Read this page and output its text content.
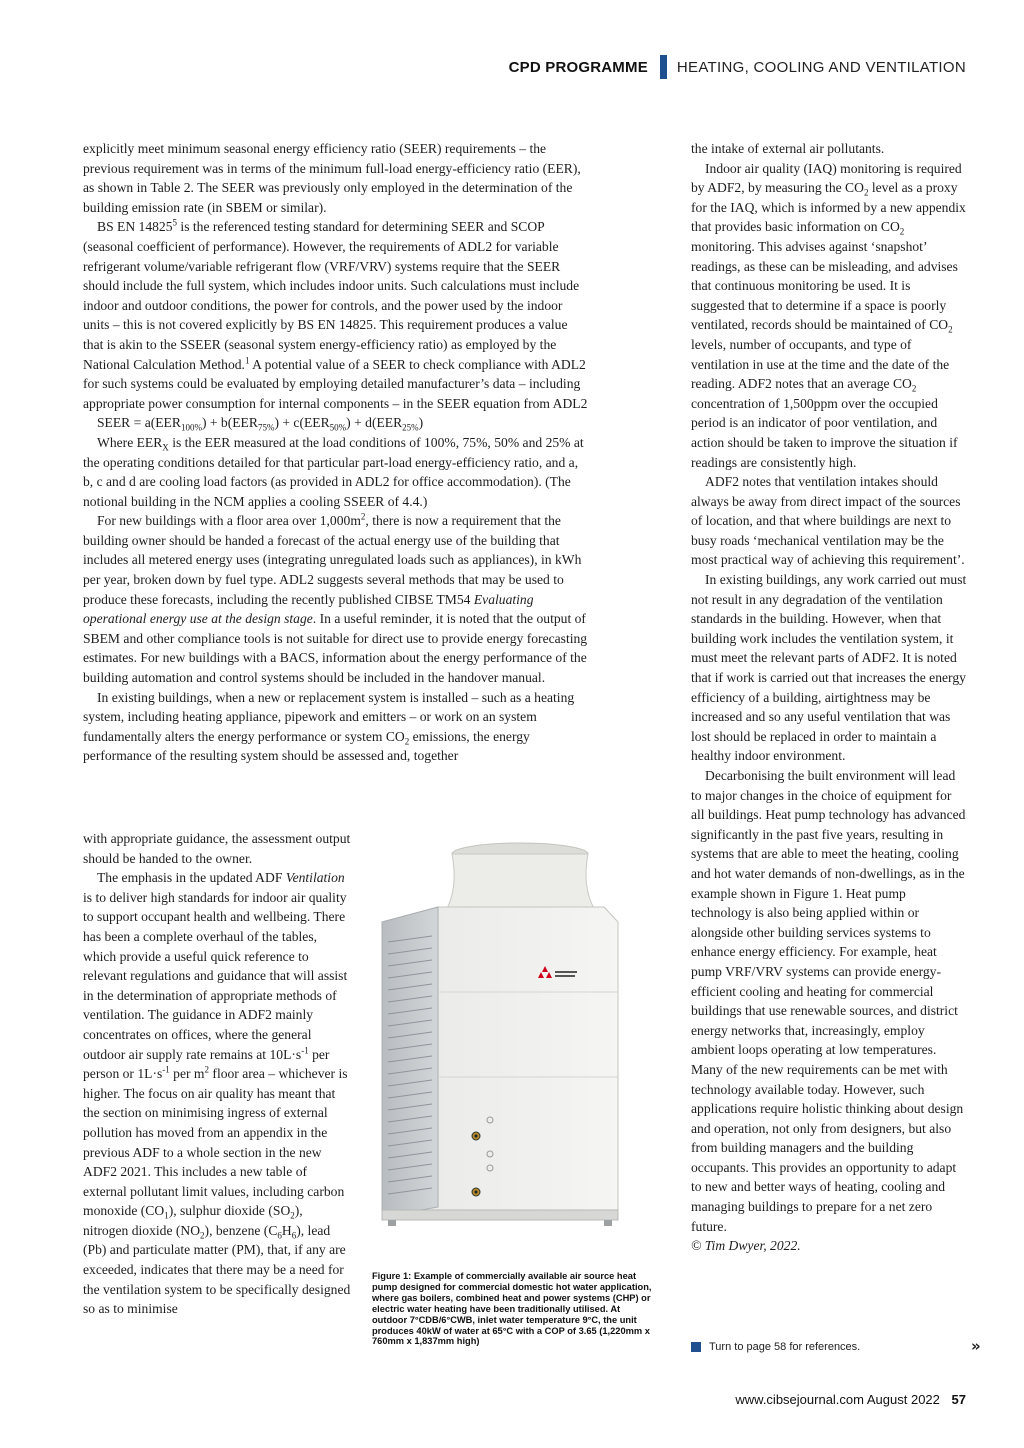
CPD PROGRAMME HEATING, COOLING AND VENTILATION

explicitly meet minimum seasonal energy efficiency ratio (SEER) requirements – the previous requirement was in terms of the minimum full-load energy-efficiency ratio (EER), as shown in Table 2. The SEER was previously only employed in the determination of the building emission rate (in SBEM or similar).

BS EN 14825$^5$ is the referenced testing standard for determining SEER and SCOP (seasonal coefficient of performance). However, the requirements of ADL2 for variable refrigerant volume/variable refrigerant flow (VRF/VRV) systems require that the SEER should include the full system, which includes indoor units. Such calculations must include indoor and outdoor conditions, the power for controls, and the power used by the indoor units – this is not covered explicitly by BS EN 14825. This requirement produces a value that is akin to the SSEER (seasonal system energy-efficiency ratio) as employed by the National Calculation Method.$^1$ A potential value of a SEER to check compliance with ADL2 for such systems could be evaluated by employing detailed manufacturer’s data – including appropriate power consumption for internal components – in the SEER equation from ADL2

SEER = $a(EER_{100\%}) + b(EER_{75\%}) + c(EER_{50\%}) + d(EER_{25\%})$

Where $EER_X$ is the EER measured at the load conditions of 100%, 75%, 50% and 25% at the operating conditions detailed for that particular part-load energy-efficiency ratio, and a, b, c and d are cooling load factors (as provided in ADL2 for office accommodation). (The notional building in the NCM applies a cooling SSEER of 4.4.)

For new buildings with a floor area over $1,000m^2$, there is now a requirement that the building owner should be handed a forecast of the actual energy use of the building that includes all metered energy uses (integrating unregulated loads such as appliances), in kWh per year, broken down by fuel type. ADL2 suggests several methods that may be used to produce these forecasts, including the recently published CIBSE TM54 Evaluating operational energy use at the design stage. In a useful reminder, it is noted that the output of SBEM and other compliance tools is not suitable for direct use to provide energy forecasting estimates. For new buildings with a BACS, information about the energy performance of the building automation and control systems should be included in the handover manual.

In existing buildings, when a new or replacement system is installed – such as a heating system, including heating appliance, pipework and emitters – or work on an system fundamentally alters the energy performance or system $CO_2$ emissions, the energy performance of the resulting system should be assessed and, together

with appropriate guidance, the assessment output should be handed to the owner.

The emphasis in the updated ADF Ventilation is to deliver high standards for indoor air quality to support occupant health and wellbeing. There has been a complete overhaul of the tables, which provide a useful quick reference to relevant regulations and guidance that will assist in the determination of appropriate methods of ventilation. The guidance in ADF2 mainly concentrates on offices, where the general outdoor air supply rate remains at $10L\cdot s^{-1}$ per person or $1L\cdot s^{-1}$ per $m^2$ floor area – whichever is higher. The focus on air quality has meant that the section on minimising ingress of external pollution has moved from an appendix in the previous ADF to a whole section in the new ADF2 2021. This includes a new table of external pollutant limit values, including carbon monoxide $(CO_1)$, sulphur dioxide $(SO_2)$, nitrogen dioxide $(NO_2)$, benzene $(C_6H_6)$, lead (Pb) and particulate matter (PM), that, if any are exceeded, indicates that there may be a need for the ventilation system to be specifically designed so as to minimise

the intake of external air pollutants.

Indoor air quality (IAQ) monitoring is required by ADF2, by measuring the $CO_2$ level as a proxy for the IAQ, which is informed by a new appendix that provides basic information on $CO_2$ monitoring. This advises against ‘snapshot’ readings, as these can be misleading, and advises that continuous monitoring be used. It is suggested that to determine if a space is poorly ventilated, records should be maintained of $CO_2$ levels, number of occupants, and type of ventilation in use at the time and the date of the reading. ADF2 notes that an average $CO_2$ concentration of 1,500ppm over the occupied period is an indicator of poor ventilation, and action should be taken to improve the situation if readings are consistently high.

ADF2 notes that ventilation intakes should always be away from direct impact of the sources of location, and that where buildings are next to busy roads ‘mechanical ventilation may be the most practical way of achieving this requirement’.

In existing buildings, any work carried out must not result in any degradation of the ventilation standards in the building. However, when that building work includes the ventilation system, it must meet the relevant parts of ADF2. It is noted that if work is carried out that increases the energy efficiency of a building, airtightness may be increased and so any useful ventilation that was lost should be replaced in order to maintain a healthy indoor environment.

Decarbonising the built environment will lead to major changes in the choice of equipment for all buildings. Heat pump technology has advanced significantly in the past five years, resulting in systems that are able to meet the heating, cooling and hot water demands of non-dwellings, as in the example shown in Figure 1. Heat pump technology is also being applied within or alongside other building services systems to enhance energy efficiency. For example, heat pump VRF/VRV systems can provide energy-efficient cooling and heating for commercial buildings that use renewable sources, and district energy networks that, increasingly, employ ambient loops operating at low temperatures. Many of the new requirements can be met with technology available today. However, such applications require holistic thinking about design and operation, not only from designers, but also from building managers and the building occupants. This provides an opportunity to adapt to new and better ways of heating, cooling and managing buildings to prepare for a net zero future.

© Tim Dwyer, 2022.

Figure 1: Example of commercially available air source heat pump designed for commercial domestic hot water application, where gas boilers, combined heat and power systems (CHP) or electric water heating have been traditionally utilised. At outdoor 7°CDB/6°CWB, inlet water temperature 9°C, the unit produces 40kW of water at 65°C with a COP of 3.65 (1,220mm x 760mm x 1,837mm high)	Turn to page 58 for references.	»
www.cibsejournal.com August 2022 57
